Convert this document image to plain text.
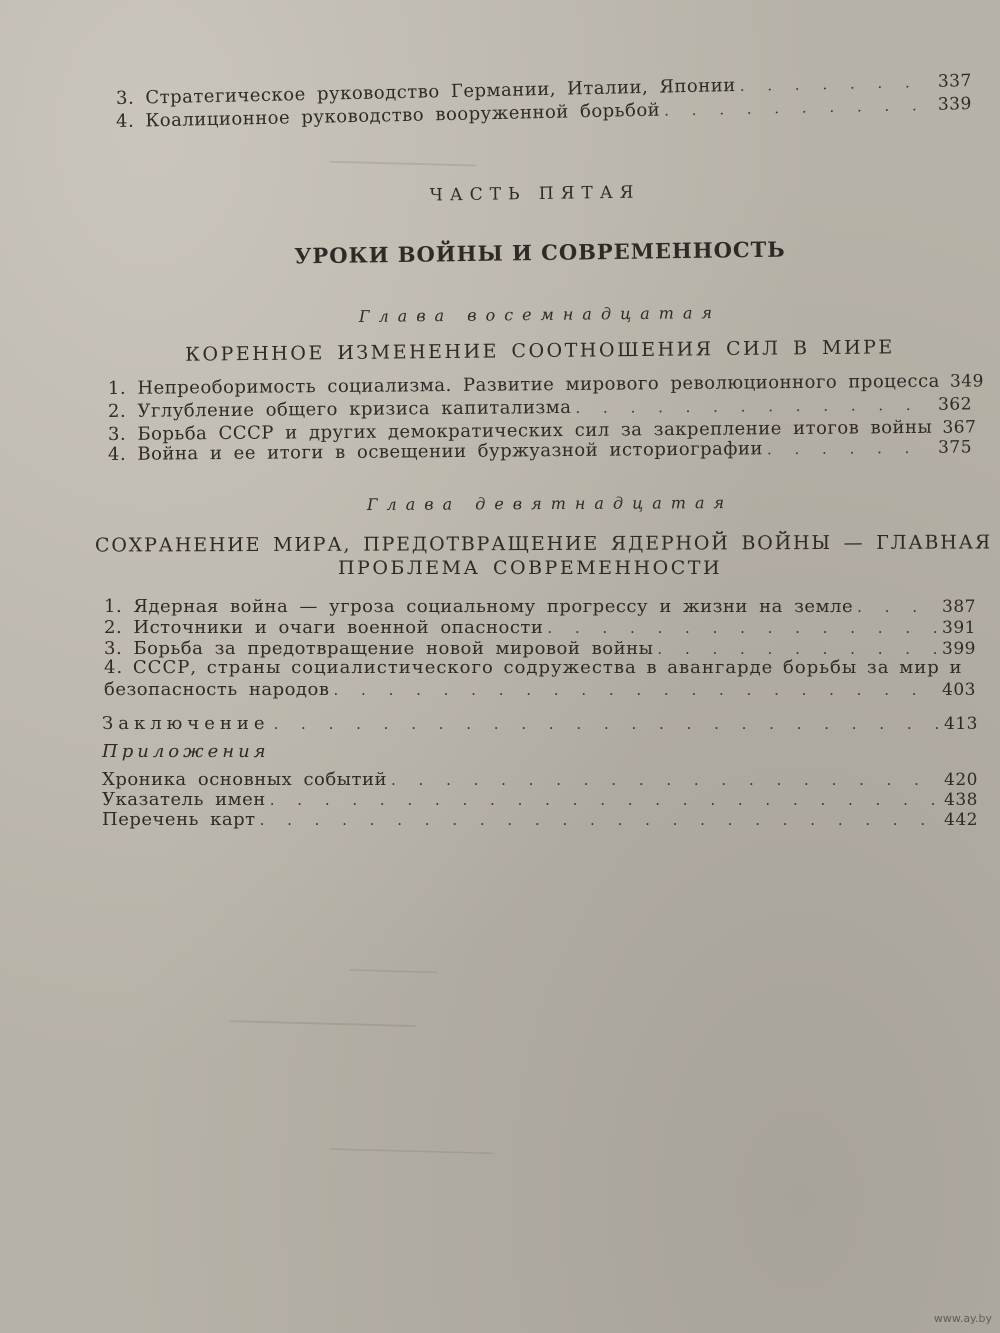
───────────
──────────────
───────────────
────────
3. Стратегическое руководство Германии, Италии, Японии . . .	337
4. Коалиционное руководство вооруженной борьбой . . .	339
ЧАСТЬ ПЯТАЯ
УРОКИ ВОЙНЫ И СОВРЕМЕННОСТЬ
Глава восемнадцатая
КОРЕННОЕ ИЗМЕНЕНИЕ СООТНОШЕНИЯ СИЛ В МИРЕ
1. Непреоборимость социализма. Развитие мирового революционного процесса . . . 349
2. Углубление общего кризиса капитализма . . .	362
3. Борьба СССР и других демократических сил за закрепление итогов войны . . . 367
4. Война и ее итоги в освещении буржуазной историографии . . .	375
Глава девятнадцатая
СОХРАНЕНИЕ МИРА, ПРЕДОТВРАЩЕНИЕ ЯДЕРНОЙ ВОЙНЫ — ГЛАВНАЯ
ПРОБЛЕМА СОВРЕМЕННОСТИ
1. Ядерная война — угроза социальному прогрессу и жизни на земле . . .	387
2. Источники и очаги военной опасности . . .	391
3. Борьба за предотвращение новой мировой войны . . .	399
4. СССР, страны социалистического содружества в авангарде борьбы за мир и
безопасность народов . . .	403
Заключение . . .	413
Приложения
Хроника основных событий . . .	420
Указатель имен . . .	438
Перечень карт . . .	442
www.ay.by
